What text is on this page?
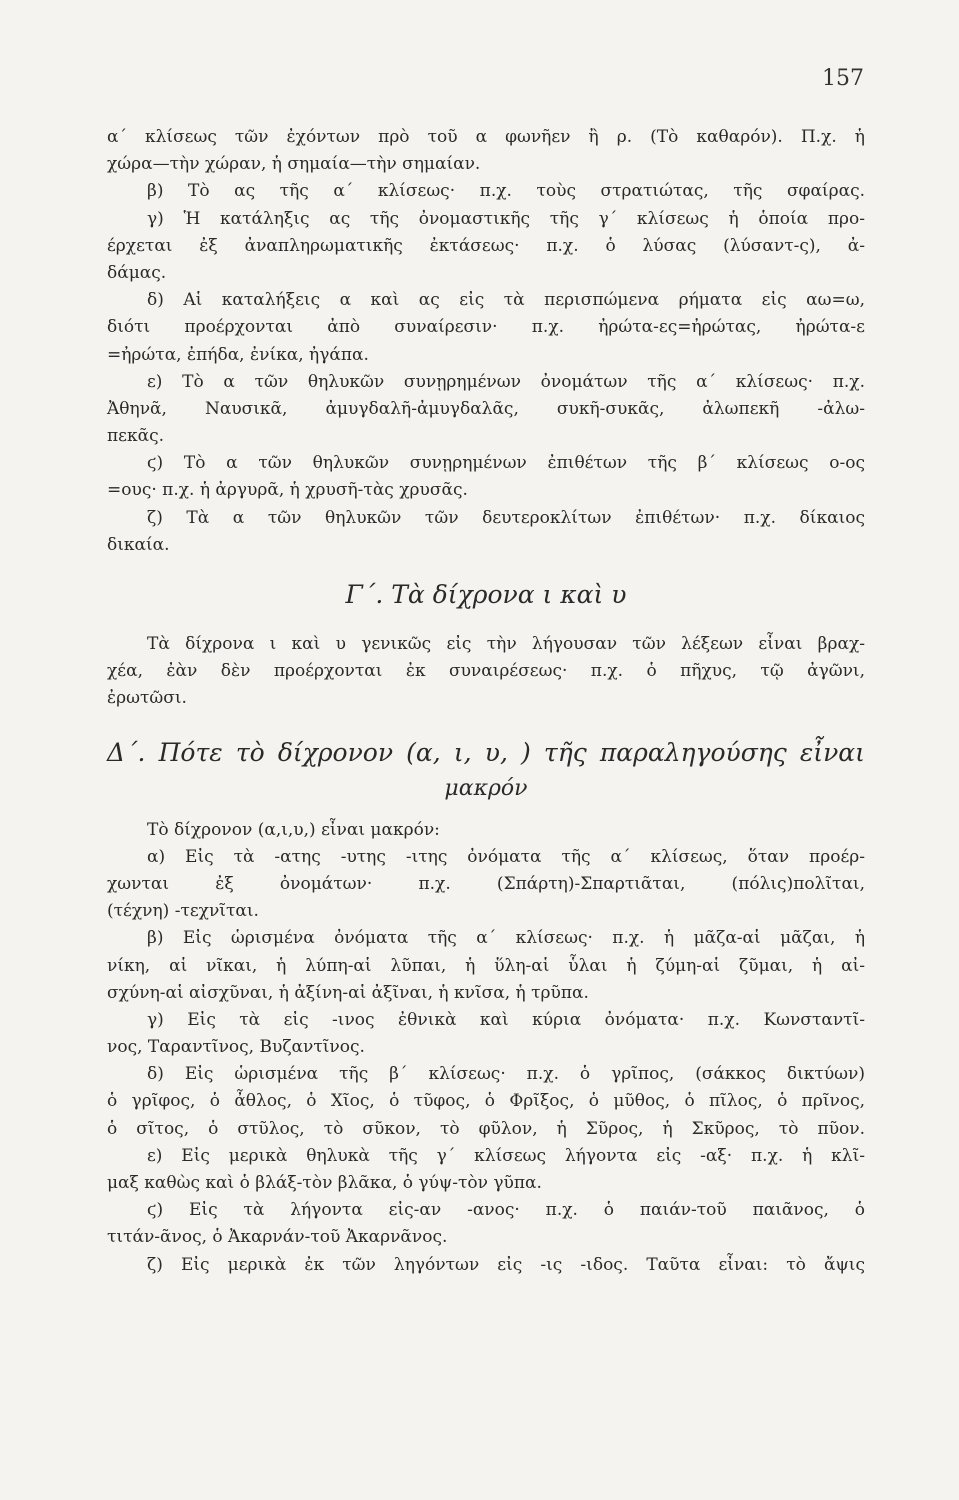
157
α΄ κλίσεως τῶν ἐχόντων πρὸ τοῦ α φωνῆεν ἢ ρ. (Τὸ καθαρόν). Π.χ. ἡ
χώρα—τὴν χώραν, ἡ σημαία—τὴν σημαίαν.
β) Τὸ ας τῆς α΄ κλίσεως· π.χ. τοὺς στρατιώτας, τῆς σφαίρας.
γ) Ἡ κατάληξις ας τῆς ὀνομαστικῆς τῆς γ΄ κλίσεως ἡ ὁποία προ-
έρχεται ἐξ ἀναπληρωματικῆς ἐκτάσεως· π.χ. ὁ λύσας (λύσαντ-ς), ἀ-
δάμας.
δ) Αἱ καταλήξεις α καὶ ας εἰς τὰ περισπώμενα ρήματα εἰς αω=ω,
διότι προέρχονται ἀπὸ συναίρεσιν· π.χ. ἠρώτα-ες=ἠρώτας, ἠρώτα-ε
=ἠρώτα, ἐπήδα, ἐνίκα, ἠγάπα.
ε) Τὸ α τῶν θηλυκῶν συνῃρημένων ὀνομάτων τῆς α΄ κλίσεως· π.χ.
Ἀθηνᾶ, Ναυσικᾶ, ἀμυγδαλῆ-ἀμυγδαλᾶς, συκῆ-συκᾶς, ἀλωπεκῆ -ἀλω-
πεκᾶς.
ϛ) Τὸ α τῶν θηλυκῶν συνῃρημένων ἐπιθέτων τῆς β΄ κλίσεως ο-ος
=ους· π.χ. ἡ ἀργυρᾶ, ἡ χρυσῆ-τὰς χρυσᾶς.
ζ) Τὰ α τῶν θηλυκῶν τῶν δευτεροκλίτων ἐπιθέτων· π.χ. δίκαιος
δικαία.
Γ΄. Τὰ δίχρονα ι καὶ υ
Τὰ δίχρονα ι καὶ υ γενικῶς εἰς τὴν λήγουσαν τῶν λέξεων εἶναι βραχ-
χέα, ἐὰν δὲν προέρχονται ἐκ συναιρέσεως· π.χ. ὁ πῆχυς, τῷ ἀγῶνι,
ἐρωτῶσι.
Δ΄. Πότε τὸ δίχρονον (α, ι, υ, ) τῆς παραληγούσης εἶναι
μακρόν
Τὸ δίχρονον (α,ι,υ,) εἶναι μακρόν:
α) Εἰς τὰ -ατης -υτης -ιτης ὀνόματα τῆς α΄ κλίσεως, ὅταν προέρ-
χωνται ἐξ ὀνομάτων· π.χ. (Σπάρτη)-Σπαρτιᾶται, (πόλις)πολῖται,
(τέχνη) -τεχνῖται.
β) Εἰς ὡρισμένα ὀνόματα τῆς α΄ κλίσεως· π.χ. ἡ μᾶζα-αἱ μᾶζαι, ἡ
νίκη, αἱ νῖκαι, ἡ λύπη-αἱ λῦπαι, ἡ ὕλη-αἱ ὗλαι ἡ ζύμη-αἱ ζῦμαι, ἡ αἰ-
σχύνη-αἱ αἰσχῦναι, ἡ ἀξίνη-αἱ ἀξῖναι, ἡ κνῖσα, ἡ τρῦπα.
γ) Εἰς τὰ εἰς -ινος ἐθνικὰ καὶ κύρια ὀνόματα· π.χ. Κωνσταντῖ-
νος, Ταραντῖνος, Βυζαντῖνος.
δ) Εἰς ὡρισμένα τῆς β΄ κλίσεως· π.χ. ὁ γρῖπος, (σάκκος δικτύων)
ὁ γρῖφος, ὁ ἆθλος, ὁ Χῖος, ὁ τῦφος, ὁ Φρῖξος, ὁ μῦθος, ὁ πῖλος, ὁ πρῖνος,
ὁ σῖτος, ὁ στῦλος, τὸ σῦκον, τὸ φῦλον, ἡ Σῦρος, ἡ Σκῦρος, τὸ πῦον.
ε) Εἰς μερικὰ θηλυκὰ τῆς γ΄ κλίσεως λήγοντα εἰς -αξ· π.χ. ἡ κλῖ-
μαξ καθὼς καὶ ὁ βλάξ-τὸν βλᾶκα, ὁ γύψ-τὸν γῦπα.
ϛ) Εἰς τὰ λήγοντα εἰς-αν -ανος· π.χ. ὁ παιάν-τοῦ παιᾶνος, ὁ
τιτάν-ᾶνος, ὁ Ἀκαρνάν-τοῦ Ἀκαρνᾶνος.
ζ) Εἰς μερικὰ ἐκ τῶν ληγόντων εἰς -ις -ιδος. Ταῦτα εἶναι: τὸ ἄψις
